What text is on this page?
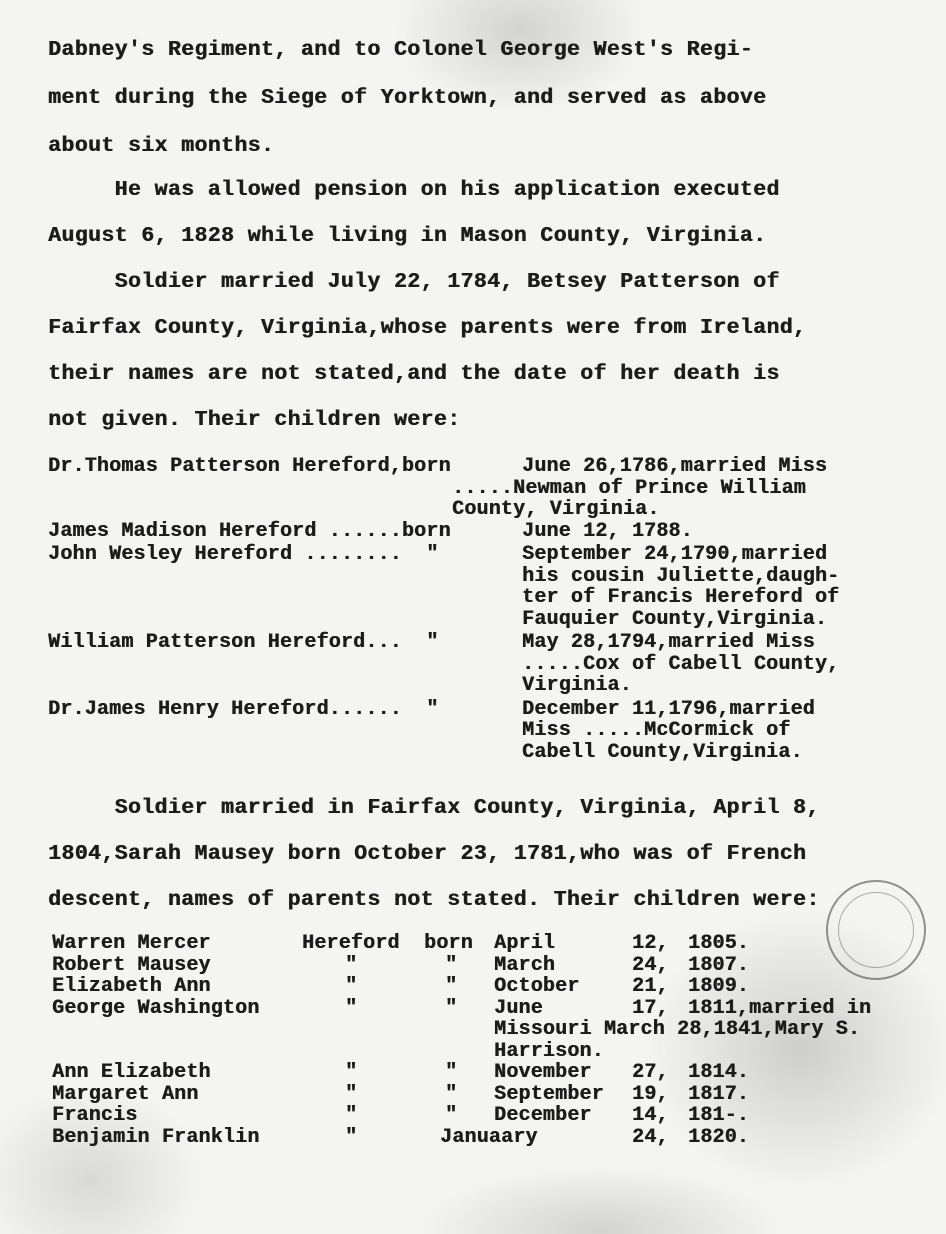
Dabney's Regiment, and to Colonel George West's Regi-
ment during the Siege of Yorktown, and served as above
about six months.
He was allowed pension on his application executed
August 6, 1828 while living in Mason County, Virginia.
Soldier married July 22, 1784, Betsey Patterson of
Fairfax County, Virginia,whose parents were from Ireland,
their names are not stated,and the date of her death is
not given. Their children were:
Dr.Thomas Patterson Hereford,born	June 26,1786,married Miss
.....Newman of Prince William
County, Virginia.
James Madison Hereford ......born	June 12, 1788.
John Wesley Hereford ........  "	September 24,1790,married
his cousin Juliette,daugh-
ter of Francis Hereford of
Fauquier County,Virginia.
William Patterson Hereford...  "	May 28,1794,married Miss
.....Cox of Cabell County,
Virginia.
Dr.James Henry Hereford......  "	December 11,1796,married
Miss .....McCormick of
Cabell County,Virginia.
Soldier married in Fairfax County, Virginia, April 8,
1804,Sarah Mausey born October 23, 1781,who was of French
descent, names of parents not stated. Their children were:
Warren Mercer	Hereford born April	12, 1805.
Robert Mausey	"	" March	24, 1807.
Elizabeth Ann	"	" October	21, 1809.
George Washington	"	" June	17, 1811,married in
Missouri March 28,1841,Mary S.
Harrison.
Ann Elizabeth	"	" November 27, 1814.
Margaret Ann	"	" September 19, 1817.
Francis	"	" December 14, 181-.
Benjamin Franklin	"	Januaary	24, 1820.
